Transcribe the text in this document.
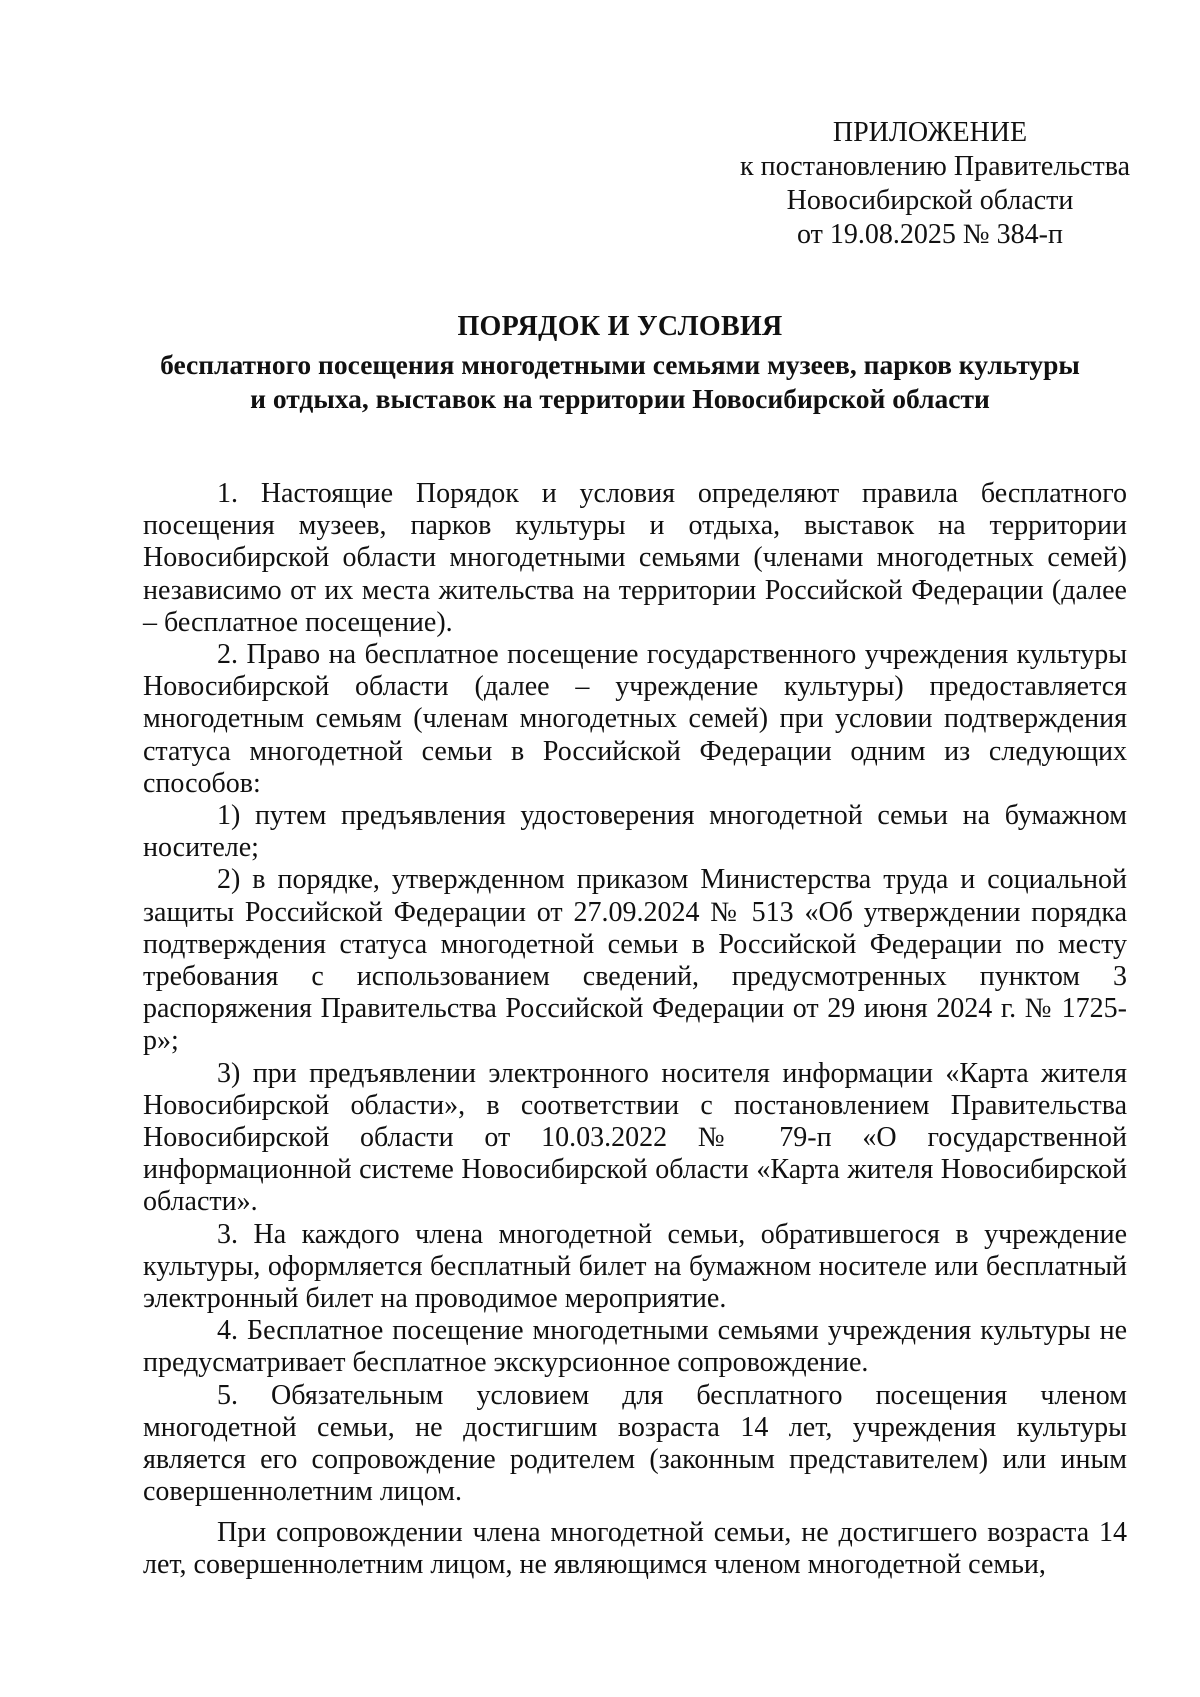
ПРИЛОЖЕНИЕ
к постановлению Правительства
Новосибирской области
от 19.08.2025 № 384-п
ПОРЯДОК И УСЛОВИЯ
бесплатного посещения многодетными семьями музеев, парков культуры
и отдыха, выставок на территории Новосибирской области

1. Настоящие Порядок и условия определяют правила бесплатного посещения музеев, парков культуры и отдыха, выставок на территории Новосибирской области многодетными семьями (членами многодетных семей) независимо от их места жительства на территории Российской Федерации (далее – бесплатное посещение).

2. Право на бесплатное посещение государственного учреждения культуры Новосибирской области (далее – учреждение культуры) предоставляется многодетным семьям (членам многодетных семей) при условии подтверждения статуса многодетной семьи в Российской Федерации одним из следующих способов:

1) путем предъявления удостоверения многодетной семьи на бумажном носителе;

2) в порядке, утвержденном приказом Министерства труда и социальной защиты Российской Федерации от 27.09.2024 № 513 «Об утверждении порядка подтверждения статуса многодетной семьи в Российской Федерации по месту требования с использованием сведений, предусмотренных пунктом 3 распоряжения Правительства Российской Федерации от 29 июня 2024 г. № 1725-р»;

3) при предъявлении электронного носителя информации «Карта жителя Новосибирской области», в соответствии с постановлением Правительства Новосибирской области от 10.03.2022 № 79-п «О государственной информационной системе Новосибирской области «Карта жителя Новосибирской области».

3. На каждого члена многодетной семьи, обратившегося в учреждение культуры, оформляется бесплатный билет на бумажном носителе или бесплатный электронный билет на проводимое мероприятие.

4. Бесплатное посещение многодетными семьями учреждения культуры не предусматривает бесплатное экскурсионное сопровождение.

5. Обязательным условием для бесплатного посещения членом многодетной семьи, не достигшим возраста 14 лет, учреждения культуры является его сопровождение родителем (законным представителем) или иным совершеннолетним лицом.

При сопровождении члена многодетной семьи, не достигшего возраста 14 лет, совершеннолетним лицом, не являющимся членом многодетной семьи,
